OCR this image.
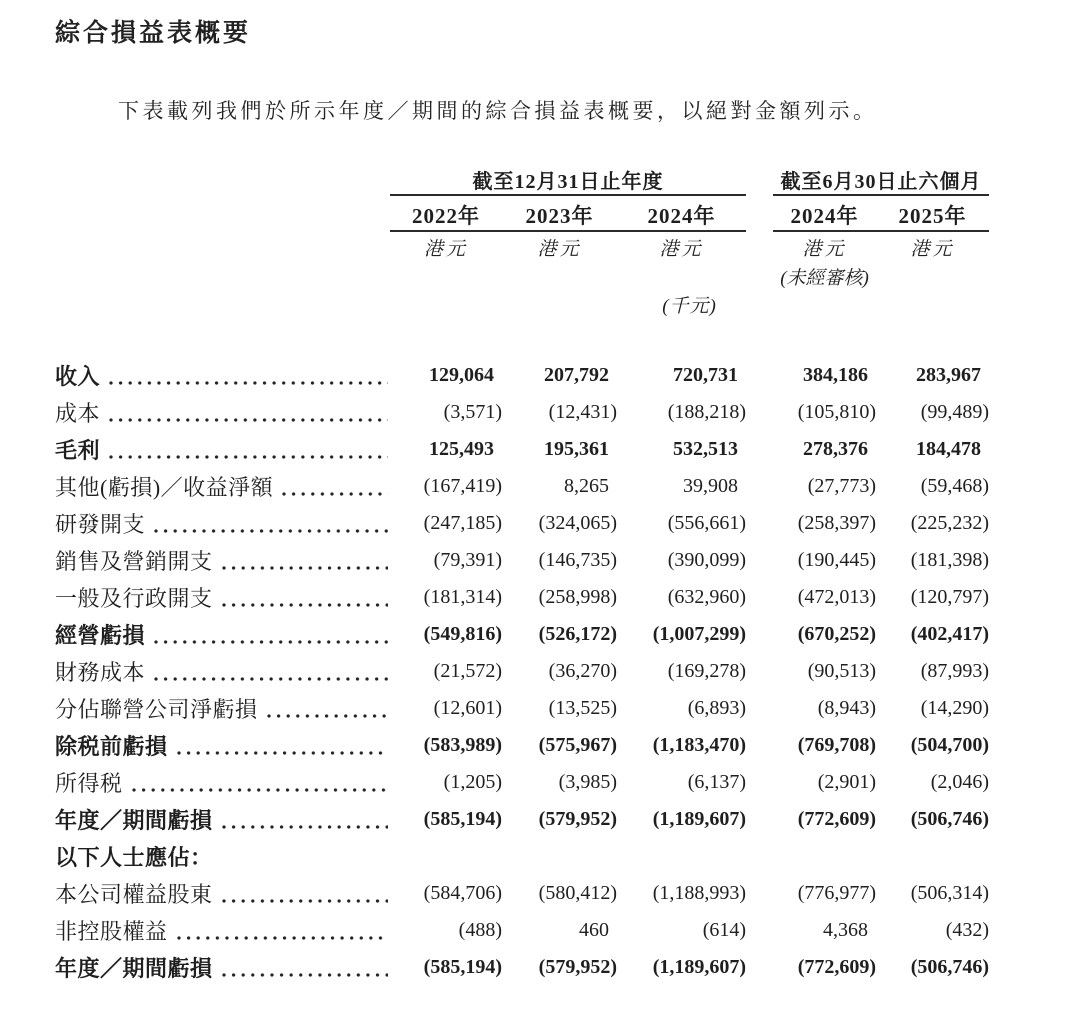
綜合損益表概要

下表載列我們於所示年度／期間的綜合損益表概要，以絕對金額列示。

	截至12月31日止年度				截至6月30日止六個月	
	2022年	2023年	2024年		2024年	2025年
	港元	港元	港元		港元	港元
					(未經審核)	
	(千元)					

收入	129,064	207,792	720,731		384,186	283,967

成本	(3,571)	(12,431)	(188,218)		(105,810)	(99,489)

毛利	125,493	195,361	532,513		278,376	184,478

其他(虧損)／收益淨額	(167,419)	8,265	39,908		(27,773)	(59,468)

研發開支	(247,185)	(324,065)	(556,661)		(258,397)	(225,232)

銷售及營銷開支	(79,391)	(146,735)	(390,099)		(190,445)	(181,398)

一般及行政開支	(181,314)	(258,998)	(632,960)		(472,013)	(120,797)

經營虧損	(549,816)	(526,172)	(1,007,299)		(670,252)	(402,417)

財務成本	(21,572)	(36,270)	(169,278)		(90,513)	(87,993)

分佔聯營公司淨虧損	(12,601)	(13,525)	(6,893)		(8,943)	(14,290)

除税前虧損	(583,989)	(575,967)	(1,183,470)		(769,708)	(504,700)

所得税	(1,205)	(3,985)	(6,137)		(2,901)	(2,046)

年度／期間虧損	(585,194)	(579,952)	(1,189,607)		(772,609)	(506,746)

以下人士應佔：						

本公司權益股東	(584,706)	(580,412)	(1,188,993)		(776,977)	(506,314)

非控股權益	(488)	460	(614)		4,368	(432)

年度／期間虧損	(585,194)	(579,952)	(1,189,607)		(772,609)	(506,746)
